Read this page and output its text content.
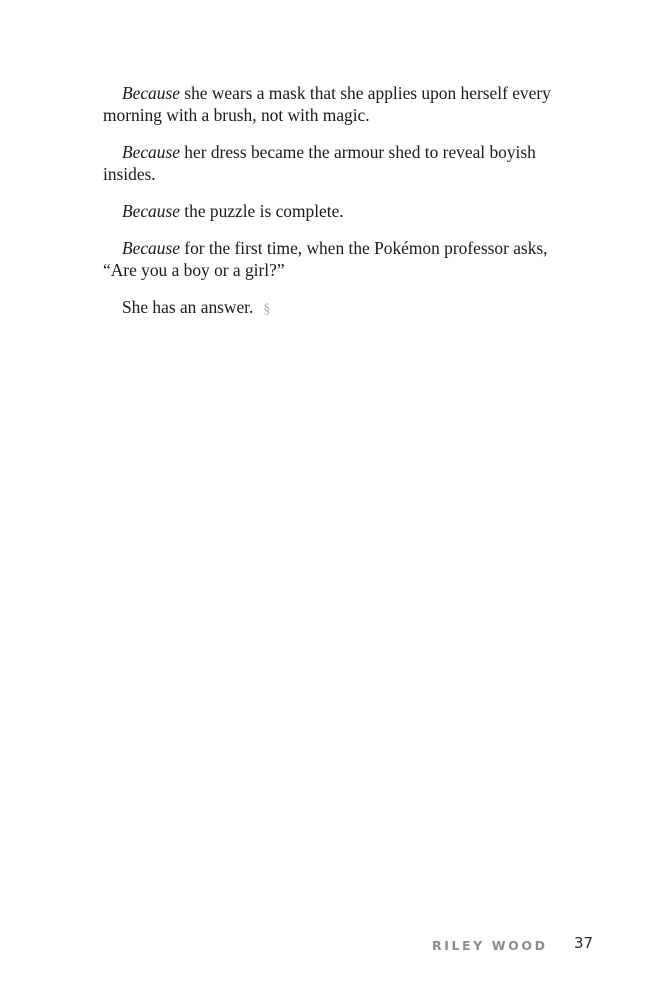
Because she wears a mask that she applies upon herself every morning with a brush, not with magic.

Because her dress became the armour shed to reveal boyish insides.

Because the puzzle is complete.

Because for the first time, when the Pokémon professor asks, “Are you a boy or a girl?”

She has an answer. §

RILEY WOOD 37
